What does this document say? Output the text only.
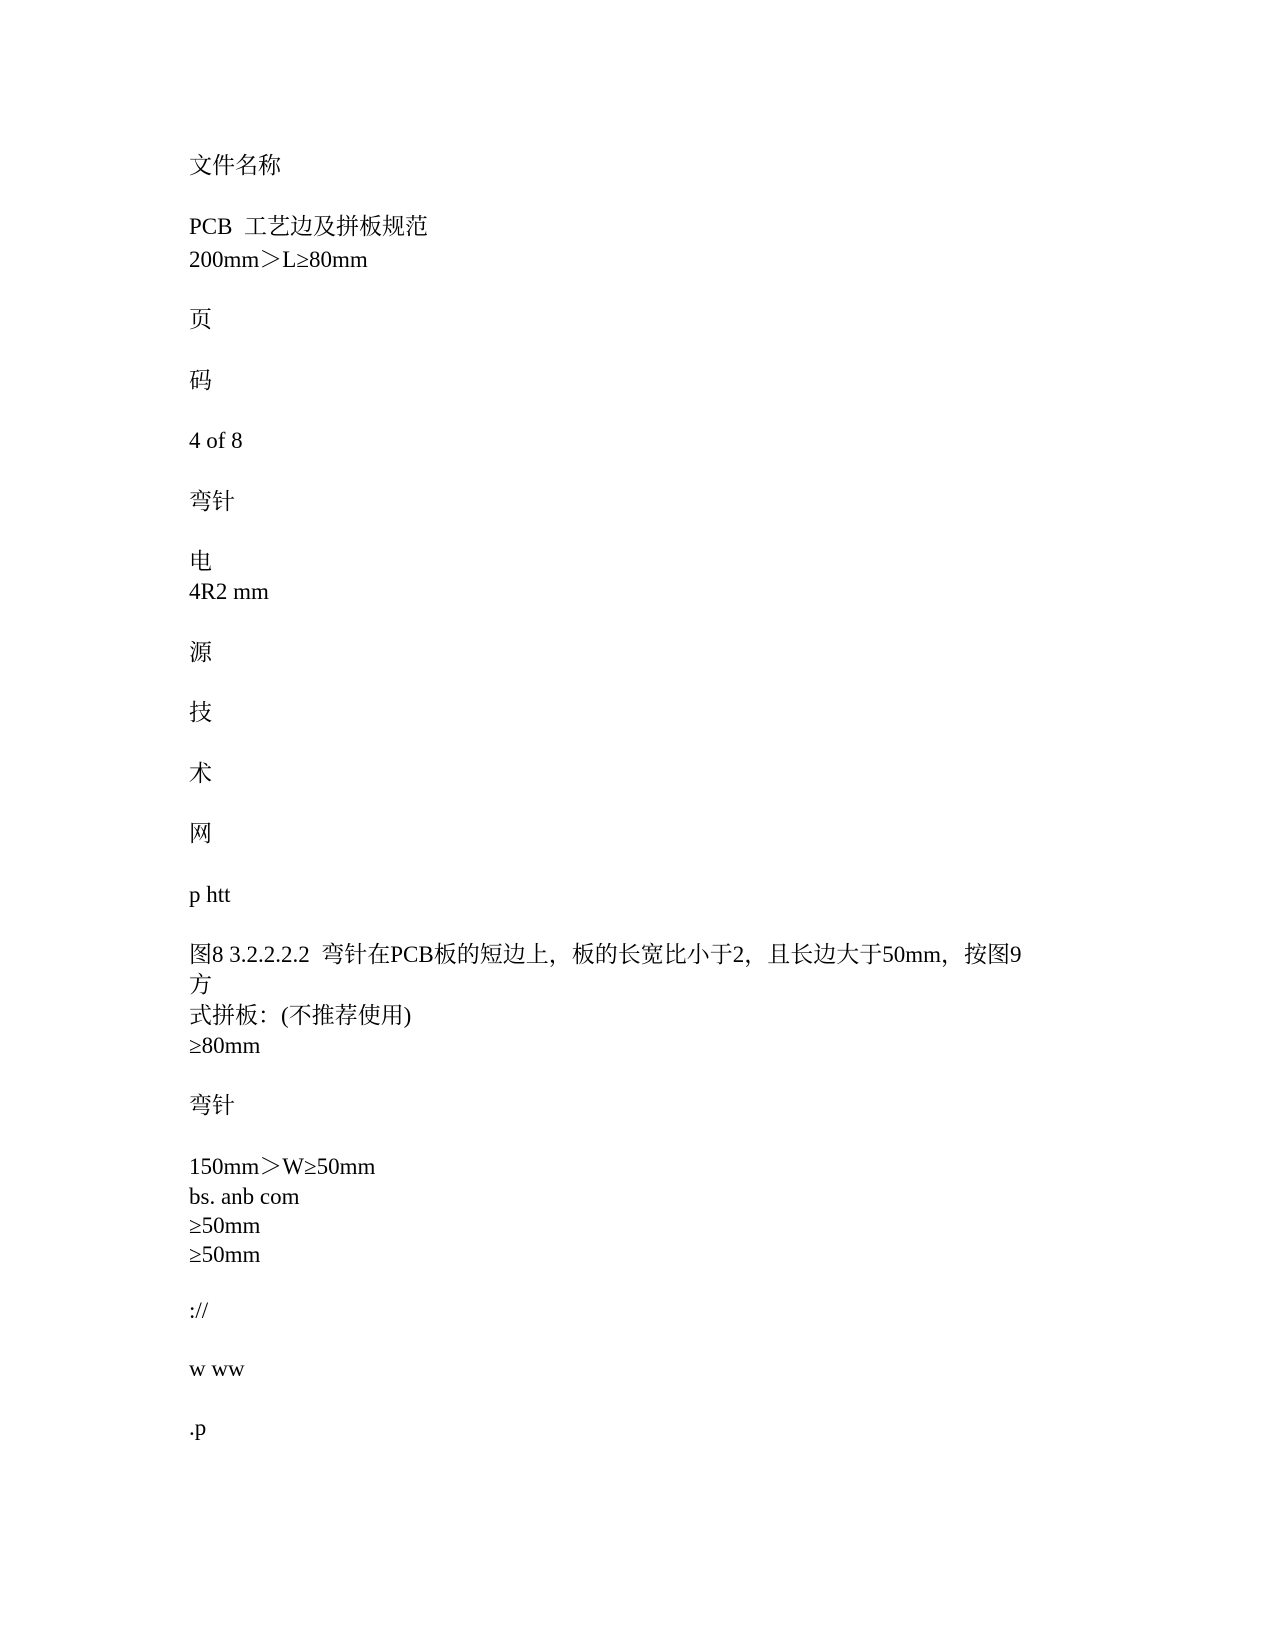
文件名称
PCB  工艺边及拼板规范
200mm＞L≥80mm
页
码
4 of 8
弯针
电
4R2 mm
源
技
术
网
p htt
图8 3.2.2.2.2  弯针在PCB板的短边上，板的长宽比小于2，且长边大于50mm，按图9
方
式拼板：(不推荐使用)
≥80mm
弯针
150mm＞W≥50mm
bs. anb com
≥50mm
≥50mm
://
w ww
.p
